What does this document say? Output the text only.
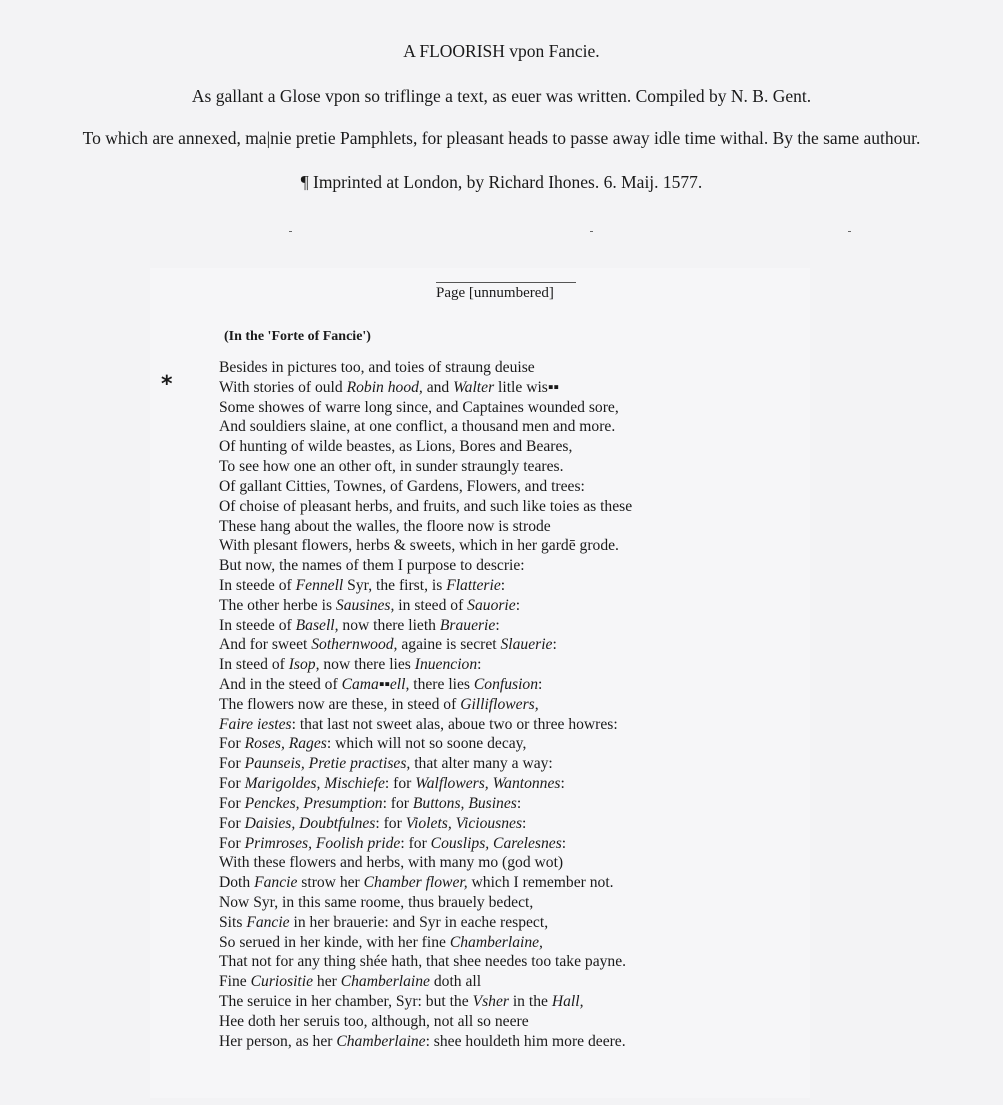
A FLOORISH vpon Fancie.
As gallant a Glose vpon so triflinge a text, as euer was written. Compiled by N. B. Gent.
To which are annexed, ma|nie pretie Pamphlets, for pleasant heads to passe away idle time withal. By the same authour.
¶ Imprinted at London, by Richard Ihones. 6. Maij. 1577.
Page [unnumbered]
(In the 'Forte of Fancie')
*
Besides in pictures too, and toies of straung deuise
With stories of ould Robin hood, and Walter litle wis▪▪
Some showes of warre long since, and Captaines wounded sore,
And souldiers slaine, at one conflict, a thousand men and more.
Of hunting of wilde beastes, as Lions, Bores and Beares,
To see how one an other oft, in sunder straungly teares.
Of gallant Citties, Townes, of Gardens, Flowers, and trees:
Of choise of pleasant herbs, and fruits, and such like toies as these
These hang about the walles, the floore now is strode
With plesant flowers, herbs & sweets, which in her gardē grode.
But now, the names of them I purpose to descrie:
In steede of Fennell Syr, the first, is Flatterie:
The other herbe is Sausines, in steed of Sauorie:
In steede of Basell, now there lieth Brauerie:
And for sweet Sothernwood, againe is secret Slauerie:
In steed of Isop, now there lies Inuencion:
And in the steed of Cama▪▪ell, there lies Confusion:
The flowers now are these, in steed of Gilliflowers,
Faire iestes: that last not sweet alas, aboue two or three howres:
For Roses, Rages: which will not so soone decay,
For Paunseis, Pretie practises, that alter many a way:
For Marigoldes, Mischiefe: for Walflowers, Wantonnes:
For Penckes, Presumption: for Buttons, Busines:
For Daisies, Doubtfulnes: for Violets, Viciousnes:
For Primroses, Foolish pride: for Couslips, Carelesnes:
With these flowers and herbs, with many mo (god wot)
Doth Fancie strow her Chamber flower, which I remember not.
Now Syr, in this same roome, thus brauely bedect,
Sits Fancie in her brauerie: and Syr in eache respect,
So serued in her kinde, with her fine Chamberlaine,
That not for any thing shée hath, that shee needes too take payne.
Fine Curiositie her Chamberlaine doth all
The seruice in her chamber, Syr: but the Vsher in the Hall,
Hee doth her seruis too, although, not all so neere
Her person, as her Chamberlaine: shee houldeth him more deere.
